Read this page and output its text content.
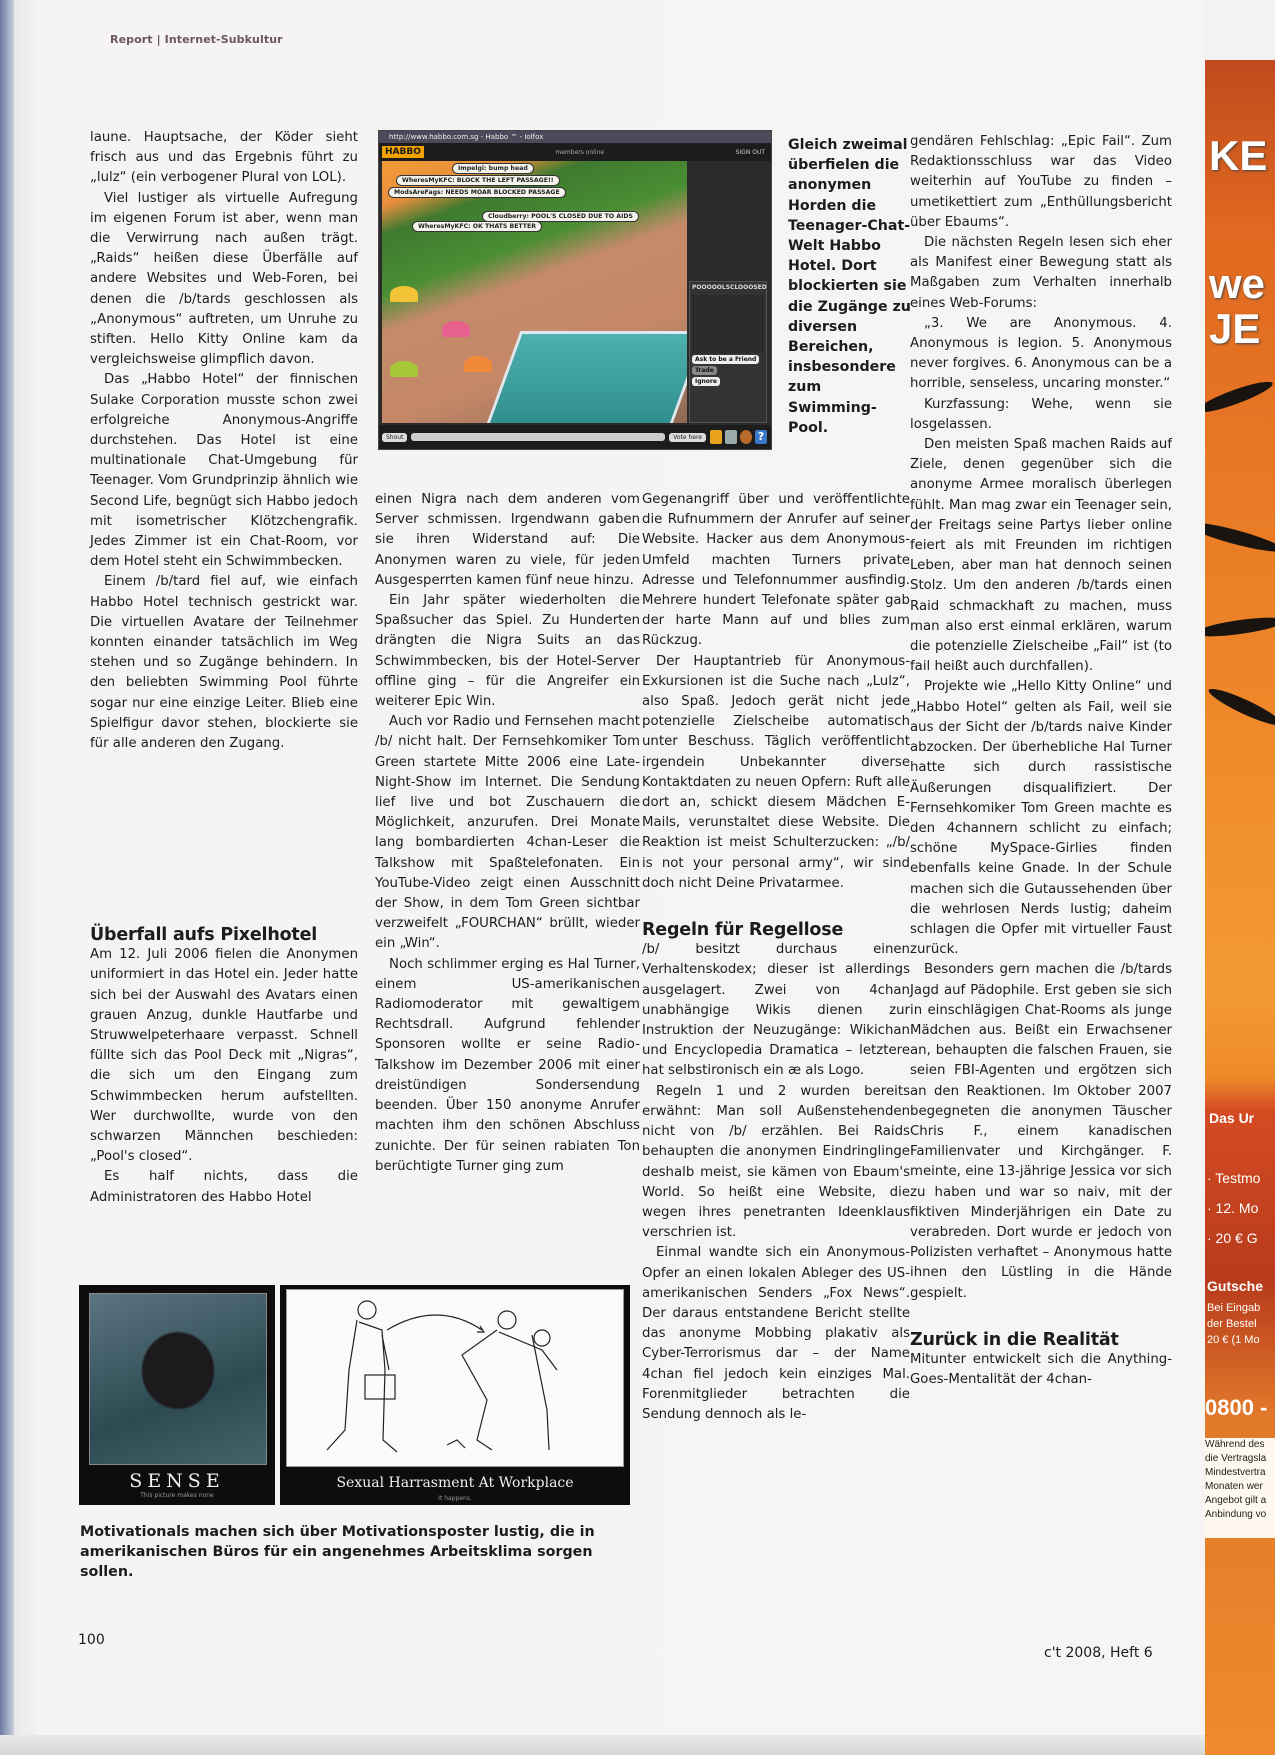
Report | Internet-Subkultur

laune. Hauptsache, der Köder sieht frisch aus und das Ergebnis führt zu „lulz“ (ein verbogener Plural von LOL).

Viel lustiger als virtuelle Aufregung im eigenen Forum ist aber, wenn man die Verwirrung nach außen trägt. „Raids“ heißen diese Überfälle auf andere Websites und Web-Foren, bei denen die /b/tards geschlossen als „Anonymous“ auftreten, um Unruhe zu stiften. Hello Kitty Online kam da vergleichsweise glimpflich davon.

Das „Habbo Hotel“ der finnischen Sulake Corporation musste schon zwei erfolgreiche Anonymous-Angriffe durchstehen. Das Hotel ist eine multinationale Chat-Umgebung für Teenager. Vom Grundprinzip ähnlich wie Second Life, begnügt sich Habbo jedoch mit isometrischer Klötzchengrafik. Jedes Zimmer ist ein Chat-Room, vor dem Hotel steht ein Schwimmbecken.

Einem /b/tard fiel auf, wie einfach Habbo Hotel technisch gestrickt war. Die virtuellen Avatare der Teilnehmer konnten einander tatsächlich im Weg stehen und so Zugänge behindern. In den beliebten Swimming Pool führte sogar nur eine einzige Leiter. Blieb eine Spielfigur davor stehen, blockierte sie für alle anderen den Zugang.

Überfall aufs Pixelhotel

Am 12. Juli 2006 fielen die Anonymen uniformiert in das Hotel ein. Jeder hatte sich bei der Auswahl des Avatars einen grauen Anzug, dunkle Hautfarbe und Struwwelpeterhaare verpasst. Schnell füllte sich das Pool Deck mit „Nigras“, die sich um den Eingang zum Schwimmbecken herum aufstellten. Wer durchwollte, wurde von den schwarzen Männchen beschieden: „Pool's closed“.

Es half nichts, dass die Administratoren des Habbo Hotel

http://www.habbo.com.sg - Habbo ™ - Iolfox
HABBO	members online	SIGN OUT
Impelgi: bump head
WheresMyKFC: BLOCK THE LEFT PASSAGE!!
ModsAreFags: NEEDS MOAR BLOCKED PASSAGE
Cloudberry: POOL'S CLOSED DUE TO AIDS
WheresMyKFC: OK THATS BETTER
POOOOOLSCLOOOSED
Ask to be a Friend
Trade
Ignore
Shout	Vote here	?
Gleich zweimal überfielen die anonymen Horden die Teenager-Chat-Welt Habbo Hotel. Dort blockierten sie die Zugänge zu diversen Bereichen, insbesondere zum Swimming-Pool.

einen Nigra nach dem anderen vom Server schmissen. Irgendwann gaben sie ihren Widerstand auf: Die Anonymen waren zu viele, für jeden Ausgesperrten kamen fünf neue hinzu.

Ein Jahr später wiederholten die Spaßsucher das Spiel. Zu Hunderten drängten die Nigra Suits an das Schwimmbecken, bis der Hotel-Server offline ging – für die Angreifer ein weiterer Epic Win.

Auch vor Radio und Fernsehen macht /b/ nicht halt. Der Fernsehkomiker Tom Green startete Mitte 2006 eine Late-Night-Show im Internet. Die Sendung lief live und bot Zuschauern die Möglichkeit, anzurufen. Drei Monate lang bombardierten 4chan-Leser die Talkshow mit Spaßtelefonaten. Ein YouTube-Video zeigt einen Ausschnitt der Show, in dem Tom Green sichtbar verzweifelt „FOURCHAN“ brüllt, wieder ein „Win“.

Noch schlimmer erging es Hal Turner, einem US-amerikanischen Radiomoderator mit gewaltigem Rechtsdrall. Aufgrund fehlender Sponsoren wollte er seine Radio-Talkshow im Dezember 2006 mit einer dreistündigen Sondersendung beenden. Über 150 anonyme Anrufer machten ihm den schönen Abschluss zunichte. Der für seinen rabiaten Ton berüchtigte Turner ging zum

Gegenangriff über und veröffentlichte die Rufnummern der Anrufer auf seiner Website. Hacker aus dem Anonymous-Umfeld machten Turners private Adresse und Telefonnummer ausfindig. Mehrere hundert Telefonate später gab der harte Mann auf und blies zum Rückzug.

Der Hauptantrieb für Anonymous-Exkursionen ist die Suche nach „Lulz“, also Spaß. Jedoch gerät nicht jede potenzielle Zielscheibe automatisch unter Beschuss. Täglich veröffentlicht irgendein Unbekannter diverse Kontaktdaten zu neuen Opfern: Ruft alle dort an, schickt diesem Mädchen E-Mails, verunstaltet diese Website. Die Reaktion ist meist Schulterzucken: „/b/ is not your personal army“, wir sind doch nicht Deine Privatarmee.

Regeln für Regellose

/b/ besitzt durchaus einen Verhaltenskodex; dieser ist allerdings ausgelagert. Zwei von 4chan unabhängige Wikis dienen zur Instruktion der Neuzugänge: Wikichan und Encyclopedia Dramatica – letztere hat selbstironisch ein æ als Logo.

Regeln 1 und 2 wurden bereits erwähnt: Man soll Außenstehenden nicht von /b/ erzählen. Bei Raids behaupten die anonymen Eindringlinge deshalb meist, sie kämen von Ebaum's World. So heißt eine Website, die wegen ihres penetranten Ideenklaus verschrien ist.

Einmal wandte sich ein Anonymous-Opfer an einen lokalen Ableger des US-amerikanischen Senders „Fox News“. Der daraus entstandene Bericht stellte das anonyme Mobbing plakativ als Cyber-Terrorismus dar – der Name 4chan fiel jedoch kein einziges Mal. Forenmitglieder betrachten die Sendung dennoch als le-

gendären Fehlschlag: „Epic Fail“. Zum Redaktionsschluss war das Video weiterhin auf YouTube zu finden – umetikettiert zum „Enthüllungsbericht über Ebaums“.

Die nächsten Regeln lesen sich eher als Manifest einer Bewegung statt als Maßgaben zum Verhalten innerhalb eines Web-Forums:

„3. We are Anonymous. 4. Anonymous is legion. 5. Anonymous never forgives. 6. Anonymous can be a horrible, senseless, uncaring monster.“

Kurzfassung: Wehe, wenn sie losgelassen.

Den meisten Spaß machen Raids auf Ziele, denen gegenüber sich die anonyme Armee moralisch überlegen fühlt. Man mag zwar ein Teenager sein, der Freitags seine Partys lieber online feiert als mit Freunden im richtigen Leben, aber man hat dennoch seinen Stolz. Um den anderen /b/tards einen Raid schmackhaft zu machen, muss man also erst einmal erklären, warum die potenzielle Zielscheibe „Fail“ ist (to fail heißt auch durchfallen).

Projekte wie „Hello Kitty Online“ und „Habbo Hotel“ gelten als Fail, weil sie aus der Sicht der /b/tards naive Kinder abzocken. Der überhebliche Hal Turner hatte sich durch rassistische Äußerungen disqualifiziert. Der Fernsehkomiker Tom Green machte es den 4channern schlicht zu einfach; schöne MySpace-Girlies finden ebenfalls keine Gnade. In der Schule machen sich die Gutaussehenden über die wehrlosen Nerds lustig; daheim schlagen die Opfer mit virtueller Faust zurück.

Besonders gern machen die /b/tards Jagd auf Pädophile. Erst geben sie sich in einschlägigen Chat-Rooms als junge Mädchen aus. Beißt ein Erwachsener an, behaupten die falschen Frauen, sie seien FBI-Agenten und ergötzen sich an den Reaktionen. Im Oktober 2007 begegneten die anonymen Täuscher Chris F., einem kanadischen Familienvater und Kirchgänger. F. meinte, eine 13-jährige Jessica vor sich zu haben und war so naiv, mit der fiktiven Minderjährigen ein Date zu verabreden. Dort wurde er jedoch von Polizisten verhaftet – Anonymous hatte ihnen den Lüstling in die Hände gespielt.

Zurück in die Realität

Mitunter entwickelt sich die Anything-Goes-Mentalität der 4chan-

SENSE
This picture makes none
Sexual Harrasment At Workplace
It happens.
Motivationals machen sich über Motivationsposter lustig, die in amerikanischen Büros für ein angenehmes Arbeitsklima sorgen sollen.
100
c't 2008, Heft 6
KE
we
JE
Das Ur
· Testmo
· 12. Mo
· 20 € G
Gutsche
Bei Eingab
der Bestel
20 € (1 Mo
0800 -
Während des
die Vertragsla
Mindestvertra
Monaten wer
Angebot gilt a
Anbindung vo
